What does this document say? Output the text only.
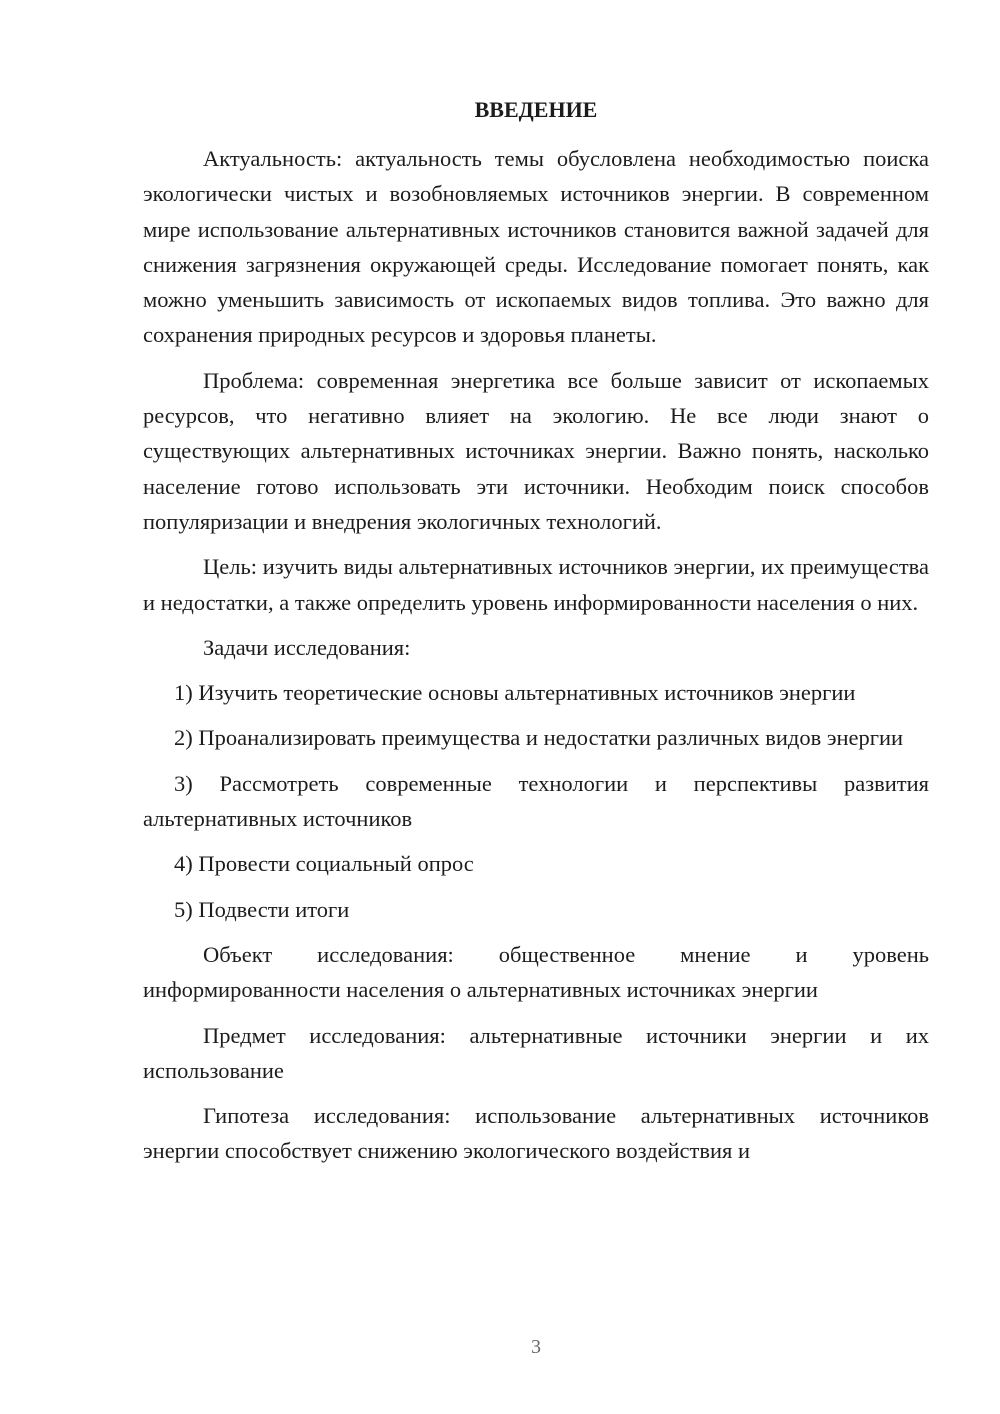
ВВЕДЕНИЕ

Актуальность: актуальность темы обусловлена необходимостью поиска экологически чистых и возобновляемых источников энергии. В современном мире использование альтернативных источников становится важной задачей для снижения загрязнения окружающей среды. Исследование помогает понять, как можно уменьшить зависимость от ископаемых видов топлива. Это важно для сохранения природных ресурсов и здоровья планеты.

Проблема: современная энергетика все больше зависит от ископаемых ресурсов, что негативно влияет на экологию. Не все люди знают о существующих альтернативных источниках энергии. Важно понять, насколько население готово использовать эти источники. Необходим поиск способов популяризации и внедрения экологичных технологий.

Цель: изучить виды альтернативных источников энергии, их преимущества и недостатки, а также определить уровень информированности населения о них.

Задачи исследования:

1) Изучить теоретические основы альтернативных источников энергии

2) Проанализировать преимущества и недостатки различных видов энергии

3) Рассмотреть современные технологии и перспективы развития альтернативных источников

4) Провести социальный опрос

5) Подвести итоги

Объект исследования: общественное мнение и уровень информированности населения о альтернативных источниках энергии

Предмет исследования: альтернативные источники энергии и их использование

Гипотеза исследования: использование альтернативных источников энергии способствует снижению экологического воздействия и

3
